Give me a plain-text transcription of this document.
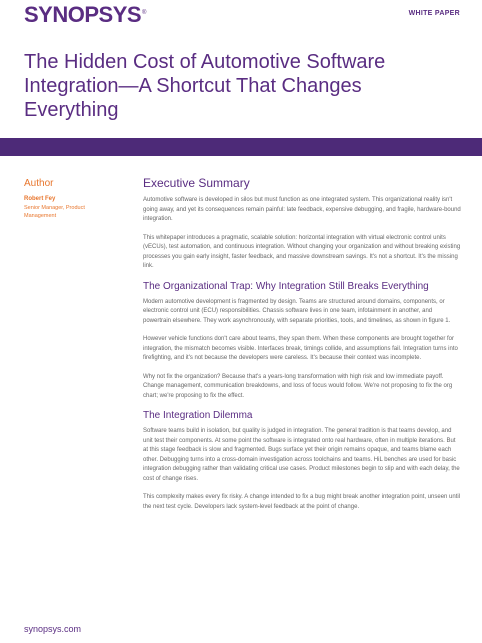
SYNOPSYS®	WHITE PAPER
The Hidden Cost of Automotive Software Integration—A Shortcut That Changes Everything
Author
Robert Fey
Senior Manager, Product Management
Executive Summary

Automotive software is developed in silos but must function as one integrated system. This organizational reality isn't going away, and yet its consequences remain painful: late feedback, expensive debugging, and fragile, hardware-bound integration.

This whitepaper introduces a pragmatic, scalable solution: horizontal integration with virtual electronic control units (vECUs), test automation, and continuous integration. Without changing your organization and without breaking existing processes you gain early insight, faster feedback, and massive downstream savings. It's not a shortcut. It's the missing link.

The Organizational Trap: Why Integration Still Breaks Everything

Modern automotive development is fragmented by design. Teams are structured around domains, components, or electronic control unit (ECU) responsibilities. Chassis software lives in one team, infotainment in another, and powertrain elsewhere. They work asynchronously, with separate priorities, tools, and timelines, as shown in figure 1.

However vehicle functions don't care about teams, they span them. When these components are brought together for integration, the mismatch becomes visible. Interfaces break, timings collide, and assumptions fail. Integration turns into firefighting, and it's not because the developers were careless. It's because their context was incomplete.

Why not fix the organization? Because that's a years-long transformation with high risk and low immediate payoff. Change management, communication breakdowns, and loss of focus would follow. We're not proposing to fix the org chart; we're proposing to fix the effect.

The Integration Dilemma

Software teams build in isolation, but quality is judged in integration. The general tradition is that teams develop, and unit test their components. At some point the software is integrated onto real hardware, often in multiple iterations. But at this stage feedback is slow and fragmented. Bugs surface yet their origin remains opaque, and teams blame each other. Debugging turns into a cross-domain investigation across toolchains and teams. HiL benches are used for basic integration debugging rather than validating critical use cases. Product milestones begin to slip and with each delay, the cost of change rises.

This complexity makes every fix risky. A change intended to fix a bug might break another integration point, unseen until the next test cycle. Developers lack system-level feedback at the point of change.

synopsys.com
